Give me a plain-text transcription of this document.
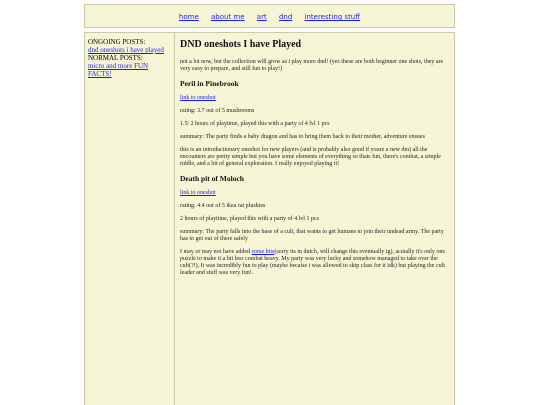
home about me art dnd interesting stuff
ONGOING POSTS:
dnd oneshots i have played
NORMAL POSTS:
micro and more FUN FACTS!
DND oneshots I have Played

not a lot now, but the collection will grow as i play more dnd! (yes these are both beginner one shots, they are very easy to prepare, and still fun to play!)

Peril in Pinebrook

link to oneshot

rating: 3.7 out of 5 mushrooms

1.5/ 2 hours of playtime, played this with a party of 4 lvl 1 pcs

summary: The party finds a baby dragon and has to bring them back to their mother, adventure ensues

this is an introductionary oneshot for new players (and is probably also good if youre a new dm) all the encounters are pretty simple but you have some elements of everything so thats fun, there's combat, a simple riddle, and a bit of general exploration. I really enjoyed playing it!

Death pit of Moloch

link to oneshot

rating: 4.4 out of 5 ikea rat plushies

2 hours of playtime, played this with a party of 4 lvl 1 pcs

summary: The party falls into the base of a cult, that wants to get humans to join their undead army. The party has to get out of there safely

I may or may not have added some bits(sorry its in dutch, will change this eventually ig), acutally it's only one puzzle to make it a bit less combat heavy. My party was very lucky and somehow managed to take over the cult(?!), It was incredibly fun to play (maybe becaise i was allowed to skip class for it idk) but playing the cult leader and stuff was very fun!.
